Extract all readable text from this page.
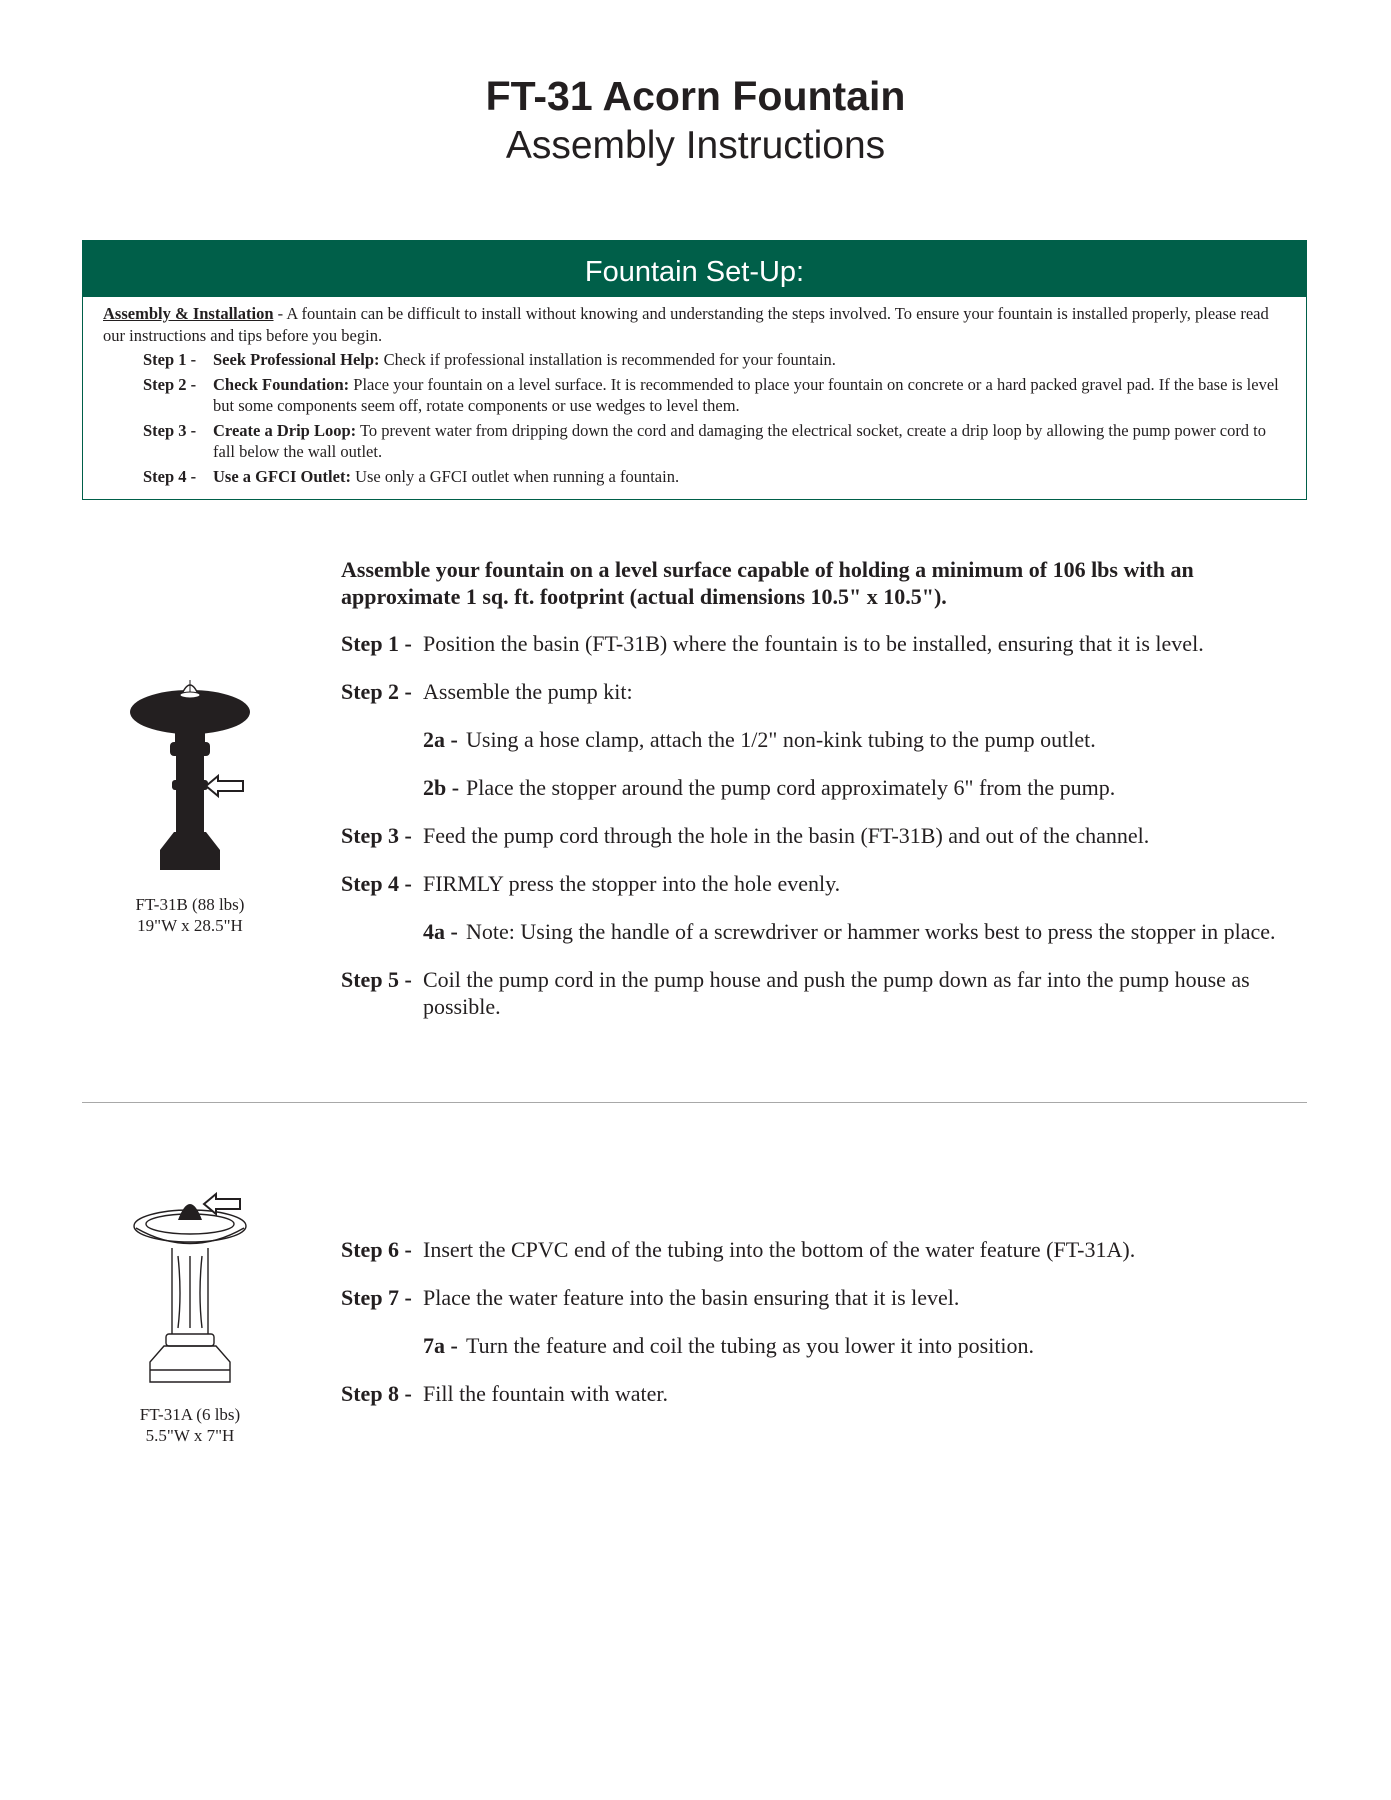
FT-31 Acorn Fountain
Assembly Instructions
Fountain Set-Up:

Assembly & Installation - A fountain can be difficult to install without knowing and understanding the steps involved. To ensure your fountain is installed properly, please read our instructions and tips before you begin.

Step 1 - Seek Professional Help: Check if professional installation is recommended for your fountain.

Step 2 - Check Foundation: Place your fountain on a level surface. It is recommended to place your fountain on concrete or a hard packed gravel pad. If the base is level but some components seem off, rotate components or use wedges to level them.

Step 3 - Create a Drip Loop: To prevent water from dripping down the cord and damaging the electrical socket, create a drip loop by allowing the pump power cord to fall below the wall outlet.

Step 4 - Use a GFCI Outlet: Use only a GFCI outlet when running a fountain.

FT-31B (88 lbs)
19"W x 28.5"H
FT-31A (6 lbs)
5.5"W x 7"H

Assemble your fountain on a level surface capable of holding a minimum of 106 lbs with an approximate 1 sq. ft. footprint (actual dimensions 10.5" x 10.5").

Step 1 - Position the basin (FT-31B) where the fountain is to be installed, ensuring that it is level.

Step 2 - Assemble the pump kit:

2a - Using a hose clamp, attach the 1/2" non-kink tubing to the pump outlet.

2b - Place the stopper around the pump cord approximately 6" from the pump.

Step 3 - Feed the pump cord through the hole in the basin (FT-31B) and out of the channel.

Step 4 - FIRMLY press the stopper into the hole evenly.

4a - Note: Using the handle of a screwdriver or hammer works best to press the stopper in place.

Step 5 - Coil the pump cord in the pump house and push the pump down as far into the pump house as possible.

Step 6 - Insert the CPVC end of the tubing into the bottom of the water feature (FT-31A).

Step 7 - Place the water feature into the basin ensuring that it is level.

7a - Turn the feature and coil the tubing as you lower it into position.

Step 8 - Fill the fountain with water.
